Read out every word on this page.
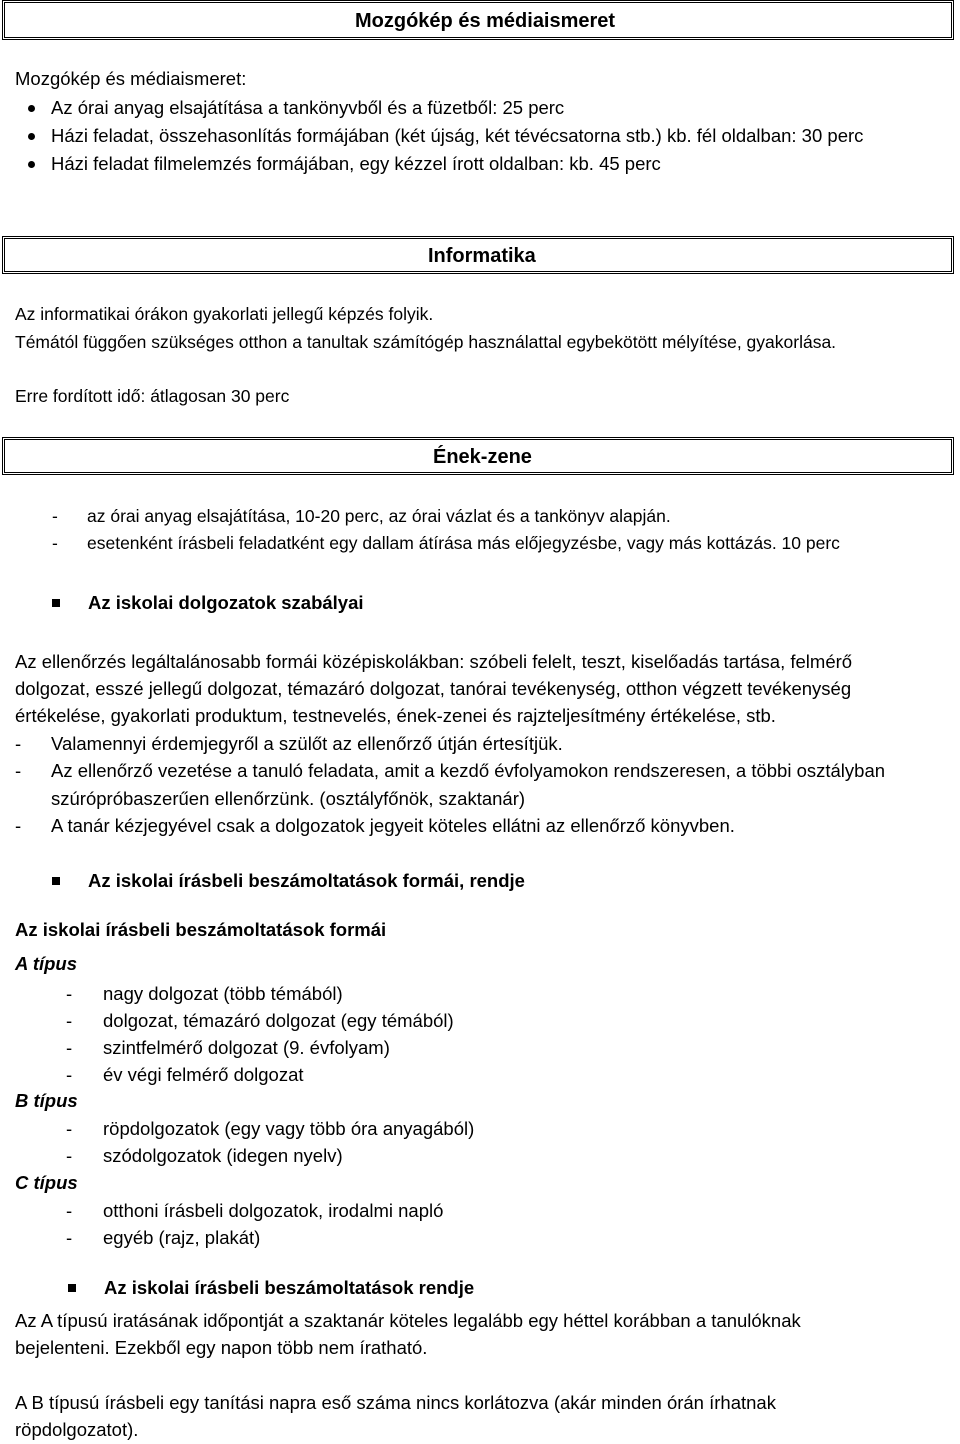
Mozgókép és médiaismeret
Mozgókép és médiaismeret:
Az órai anyag elsajátítása a tankönyvből és a füzetből: 25 perc
Házi feladat, összehasonlítás formájában (két újság, két tévécsatorna stb.) kb. fél oldalban: 30 perc
Házi feladat filmelemzés formájában, egy kézzel írott oldalban: kb. 45 perc
Informatika
Az informatikai órákon gyakorlati jellegű képzés folyik.
Témától függően szükséges otthon a tanultak számítógép használattal egybekötött mélyítése, gyakorlása.
Erre fordított idő: átlagosan 30 perc
Ének-zene
- az órai anyag elsajátítása, 10-20 perc, az órai vázlat és a tankönyv alapján.
- esetenként írásbeli feladatként egy dallam átírása más előjegyzésbe, vagy más kottázás. 10 perc
Az iskolai dolgozatok szabályai
Az ellenőrzés legáltalánosabb formái középiskolákban: szóbeli felelt, teszt, kiselőadás tartása, felmérő
dolgozat, esszé jellegű dolgozat, témazáró dolgozat, tanórai tevékenység, otthon végzett tevékenység
értékelése, gyakorlati produktum, testnevelés, ének-zenei és rajzteljesítmény értékelése, stb.
- Valamennyi érdemjegyről a szülőt az ellenőrző útján értesítjük.
- Az ellenőrző vezetése a tanuló feladata, amit a kezdő évfolyamokon rendszeresen, a többi osztályban
szúrópróbaszerűen ellenőrzünk. (osztályfőnök, szaktanár)
- A tanár kézjegyével csak a dolgozatok jegyeit köteles ellátni az ellenőrző könyvben.
Az iskolai írásbeli beszámoltatások formái, rendje
Az iskolai írásbeli beszámoltatások formái
A típus
- nagy dolgozat (több témából)
- dolgozat, témazáró dolgozat (egy témából)
- szintfelmérő dolgozat (9. évfolyam)
- év végi felmérő dolgozat
B típus
- röpdolgozatok (egy vagy több óra anyagából)
- szódolgozatok (idegen nyelv)
C típus
- otthoni írásbeli dolgozatok, irodalmi napló
- egyéb (rajz, plakát)
Az iskolai írásbeli beszámoltatások rendje
Az A típusú iratásának időpontját a szaktanár köteles legalább egy héttel korábban a tanulóknak
bejelenteni. Ezekből egy napon több nem íratható.
A B típusú írásbeli egy tanítási napra eső száma nincs korlátozva (akár minden órán írhatnak
röpdolgozatot).
